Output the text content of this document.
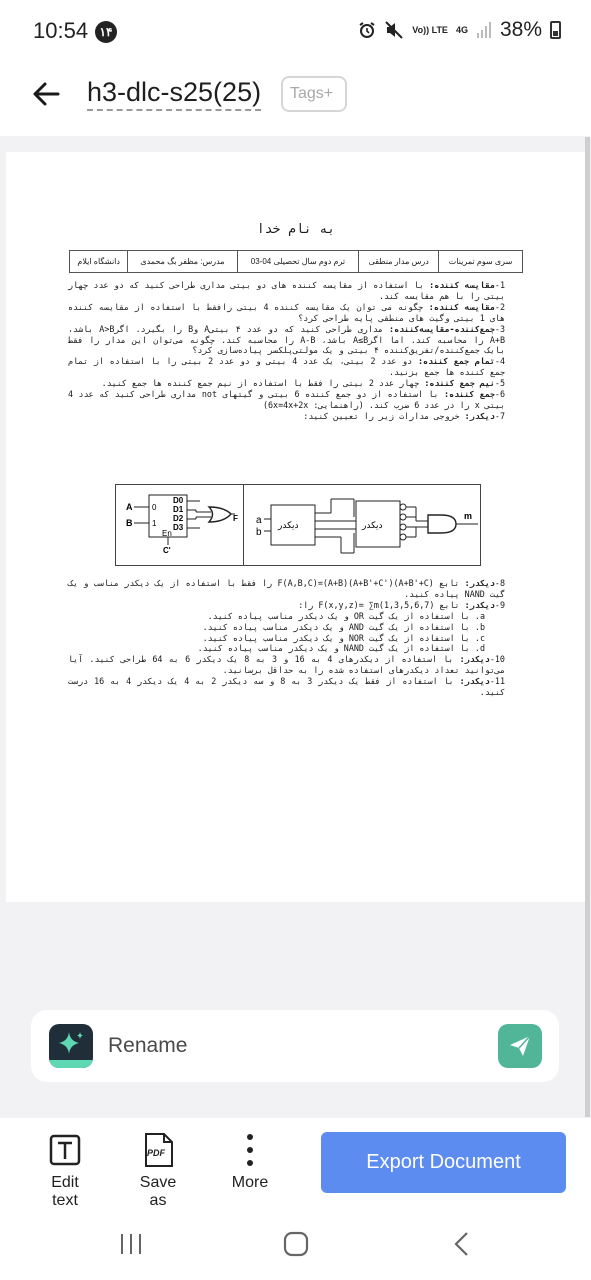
10:54 ۱۴	Vo)) LTE 4G 38%
h3-dlc-s25(25)	Tags+
به نام خدا
سری سوم تمرینات	درس مدار منطقی	ترم دوم سال تحصیلی 04-03	مدرس: مظفر بگ محمدی	دانشگاه ایلام

1-مقایسه کننده: با استفاده از مقایسه کننده های دو بیتی مداری طراحی کنید که دو عدد چهار بیتی را با هم مقایسه کند.

2-مقایسه کننده: چگونه می توان یک مقایسه کننده 4 بیتی رافقط با استفاده از مقایسه کننده های 1 بیتی وگیت های منطقی پایه طراحی کرد؟

3-جمع‌کننده-مقایسه‌کننده: مداری طراحی کنید که دو عدد ۴ بیتیA وB را بگیرد. اگرA>B باشد، A+B را محاسبه کند. اما اگرA≤B باشد، A-B را محاسبه کند. چگونه می‌توان این مدار را فقط بایک جمع‌کننده/تفریق‌کننده ۴ بیتی و یک مولتی‌پلکسر پیاده‌سازی کرد؟

4-تمام جمع کننده: دو عدد 2 بیتی، یک عدد 4 بیتی و دو عدد 2 بیتی را با استفاده از تمام جمع کننده ها جمع بزنید.

5-نیم جمع کننده: چهار عدد 2 بیتی را فقط با استفاده از نیم جمع کننده ها جمع کنید.

6-جمع کننده: با استفاده از دو جمع کننده 6 بیتی و گیتهای not مداری طراحی کنید که عدد 4 بیتی x را در عدد 6 ضرب کند. (راهنمایی: 6x=4x+2x)

7-دیکدر: خروجی مدارات زیر را تعیین کنید:

A
B
0
1
D0
D1
D2
D3
En
C'
F a
b
دیکدر	دیکدر
m

8-دیکدر: تابع F(A,B,C)=(A+B)(A+B'+C')(A+B'+C) را فقط با استفاده از یک دیکدر مناسب و یک گیت NAND پیاده کنید.

9-دیکدر: تابع F(x,y,z)= ∑m(1,3,5,6,7) را:

a. با استفاده از یک گیت OR و یک دیکدر مناسب پیاده کنید.

b. با استفاده از یک گیت AND و یک دیکدر مناسب پیاده کنید.

c. با استفاده از یک گیت NOR و یک دیکدر مناسب پیاده کنید.

d. با استفاده از یک گیت NAND و یک دیکدر مناسب پیاده کنید.

10-دیکدر: با استفاده از دیکدرهای 4 به 16 و 3 به 8 یک دیکدر 6 به 64 طراحی کنید. آیا می‌توانید تعداد دیکدرهای استفاده شده را به حداقل برسانید.

11-دیکدر: با استفاده از فقط یک دیکدر 3 به 8 و سه دیکدر 2 به 4 یک دیکدر 4 به 16 درست کنید.

Rename
Edit text
PDF
Save as
More
Export Document
